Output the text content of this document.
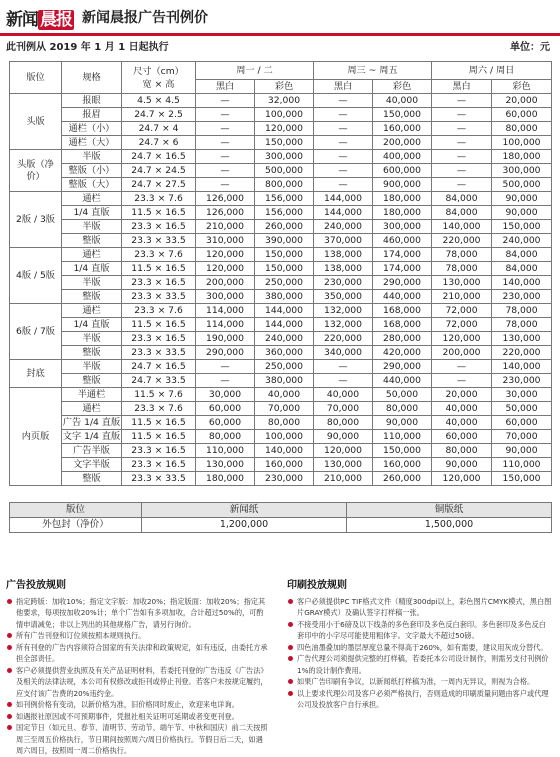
新闻 晨报 新闻晨报广告刊例价
此刊例从 2019 年 1 月 1 日起执行	单位：元
版位	规格	尺寸（cm）
宽 × 高	周一 / 二		周三 ~ 周五		周六 / 周日	
			黑白	彩色	黑白	彩色	黑白	彩色
头版	报眼	4.5 × 4.5	—	32,000	—	40,000	—	20,000
	报眉	24.7 × 2.5	—	100,000	—	150,000	—	60,000
	通栏（小）	24.7 × 4	—	120,000	—	160,000	—	80,000
	通栏（大）	24.7 × 6	—	150,000	—	200,000	—	100,000
头版（净价）	半版	24.7 × 16.5	—	300,000	—	400,000	—	180,000
	整版（小）	24.7 × 24.5	—	500,000	—	600,000	—	300,000
	整版（大）	24.7 × 27.5	—	800,000	—	900,000	—	500,000
2版 / 3版	通栏	23.3 × 7.6	126,000	156,000	144,000	180,000	84,000	90,000
	1/4 直版	11.5 × 16.5	126,000	156,000	144,000	180,000	84,000	90,000
	半版	23.3 × 16.5	210,000	260,000	240,000	300,000	140,000	150,000
	整版	23.3 × 33.5	310,000	390,000	370,000	460,000	220,000	240,000
4版 / 5版	通栏	23.3 × 7.6	120,000	150,000	138,000	174,000	78,000	84,000
	1/4 直版	11.5 × 16.5	120,000	150,000	138,000	174,000	78,000	84,000
	半版	23.3 × 16.5	200,000	250,000	230,000	290,000	130,000	140,000
	整版	23.3 × 33.5	300,000	380,000	350,000	440,000	210,000	230,000
6版 / 7版	通栏	23.3 × 7.6	114,000	144,000	132,000	168,000	72,000	78,000
	1/4 直版	11.5 × 16.5	114,000	144,000	132,000	168,000	72,000	78,000
	半版	23.3 × 16.5	190,000	240,000	220,000	280,000	120,000	130,000
	整版	23.3 × 33.5	290,000	360,000	340,000	420,000	200,000	220,000
封底	半版	24.7 × 16.5	—	250,000	—	290,000	—	140,000
	整版	24.7 × 33.5	—	380,000	—	440,000	—	230,000
内页版	半通栏	11.5 × 7.6	30,000	40,000	40,000	50,000	20,000	30,000
	通栏	23.3 × 7.6	60,000	70,000	70,000	80,000	40,000	50,000
	广告 1/4 直版	11.5 × 16.5	60,000	80,000	80,000	90,000	40,000	60,000
	文字 1/4 直版	11.5 × 16.5	80,000	100,000	90,000	110,000	60,000	70,000
	广告半版	23.3 × 16.5	110,000	140,000	120,000	150,000	80,000	90,000
	文字半版	23.3 × 16.5	130,000	160,000	130,000	160,000	90,000	110,000
	整版	23.3 × 33.5	180,000	230,000	210,000	260,000	120,000	150,000
版位	新闻纸	铜版纸
外包封（净价）	1,200,000	1,500,000
广告投放规则
指定跨版：加收10%；指定文字版：加收20%；指定版面：加收20%；指定其他要求，每项按加收20%计；单个广告如有多项加收，合计超过50%的，可酌情申请减免；非以上列出的其他规格广告，请另行询价。
所有广告刊登和订位须按照本规则执行。
所有刊登的广告内容须符合国家的有关法律和政策规定，如有违反，由委托方承担全部责任。
客户必须提供营业执照及有关产品证明材料，若委托刊登的广告违反《广告法》及相关的法律法规，本公司有权修改或拒刊或停止刊登。若客户未按规定履约，应支付该广告费的20%违约金。
如刊例价格有变动，以新价格为准，旧价格同时废止，欢迎来电详询。
如遇报社原因或不可预期事件，凭报社相关证明可延期或者变更刊登。
国定节日（如元旦、春节、清明节、劳动节、端午节、中秋和国庆）前二天按照周三至周五价格执行，节日期间按照周六/周日价格执行。节假日后二天，如遇周六周日，按照周一周二价格执行。
印刷投放规则
客户必须提供PC TIF格式文件（精度300dpi以上，彩色图片CMYK模式，黑白图片GRAY模式）及确认签字打样稿一张。
不接受用小于6磅及以下线条的多色套印及多色反白套印。多色套印及多色反白套印中的小字尽可能使用粗体字。文字最大不超过50磅。
四色油墨叠加的墨层厚度总量不得高于260%，如有需要，建议用灰成分替代。
广告代理公司须提供完整的打样稿，若委托本公司设计制作，则需另支付刊例价1%的设计制作费用。
如果广告印刷有争议，以新闻纸打样稿为准，一周内无异议，则视为合格。
以上要求代理公司及客户必须严格执行，否则造成的印刷质量问题由客户或代理公司及投放客户自行承担。
